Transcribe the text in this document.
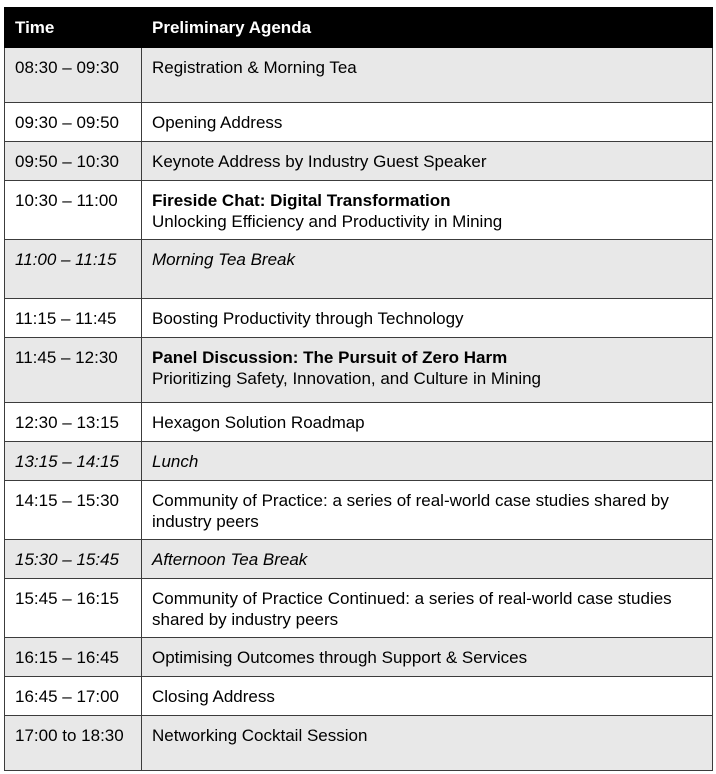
Time	Preliminary Agenda
08:30 – 09:30	Registration & Morning Tea

09:30 – 09:50	Opening Address

09:50 – 10:30	Keynote Address by Industry Guest Speaker

10:30 – 11:00	Fireside Chat: Digital Transformation
Unlocking Efficiency and Productivity in Mining

11:00 – 11:15	Morning Tea Break

11:15 – 11:45	Boosting Productivity through Technology

11:45 – 12:30	Panel Discussion: The Pursuit of Zero Harm
Prioritizing Safety, Innovation, and Culture in Mining

12:30 – 13:15	Hexagon Solution Roadmap

13:15 – 14:15	Lunch

14:15 – 15:30	Community of Practice: a series of real-world case studies shared by industry peers

15:30 – 15:45	Afternoon Tea Break

15:45 – 16:15	Community of Practice Continued: a series of real-world case studies shared by industry peers

16:15 – 16:45	Optimising Outcomes through Support & Services

16:45 – 17:00	Closing Address

17:00 to 18:30	Networking Cocktail Session
